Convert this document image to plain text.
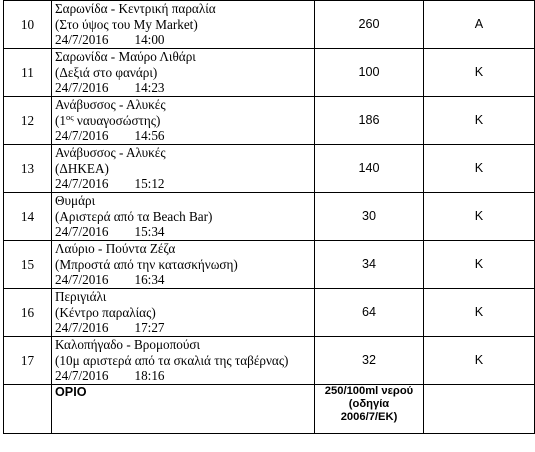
10	Σαρωνίδα - Κεντρική παραλία
(Στο ύψος του My Market)
24/7/2016 14:00	260	Α
11	Σαρωνίδα - Μαύρο Λιθάρι
(Δεξιά στο φανάρι)
24/7/2016 14:23	100	Κ
12	Ανάβυσσος - Αλυκές
($1^{o\varsigma}$ ναυαγοσώστης)
24/7/2016 14:56	186	Κ
13	Ανάβυσσος - Αλυκές
(ΔΗΚΕΑ)
24/7/2016 15:12	140	Κ
14	Θυμάρι
(Αριστερά από τα Beach Bar)
24/7/2016 15:34	30	Κ
15	Λαύριο - Πούντα Ζέζα
(Μπροστά από την κατασκήνωση)
24/7/2016 16:34	34	Κ
16	Περιγιάλι
(Κέντρο παραλίας)
24/7/2016 17:27	64	Κ
17	Καλοπήγαδο - Βρομοπούσι
(10μ αριστερά από τα σκαλιά της ταβέρνας)
24/7/2016 18:16	32	Κ
	ΟΡΙΟ	250/100ml νερού
(οδηγία
2006/7/ΕΚ)	
